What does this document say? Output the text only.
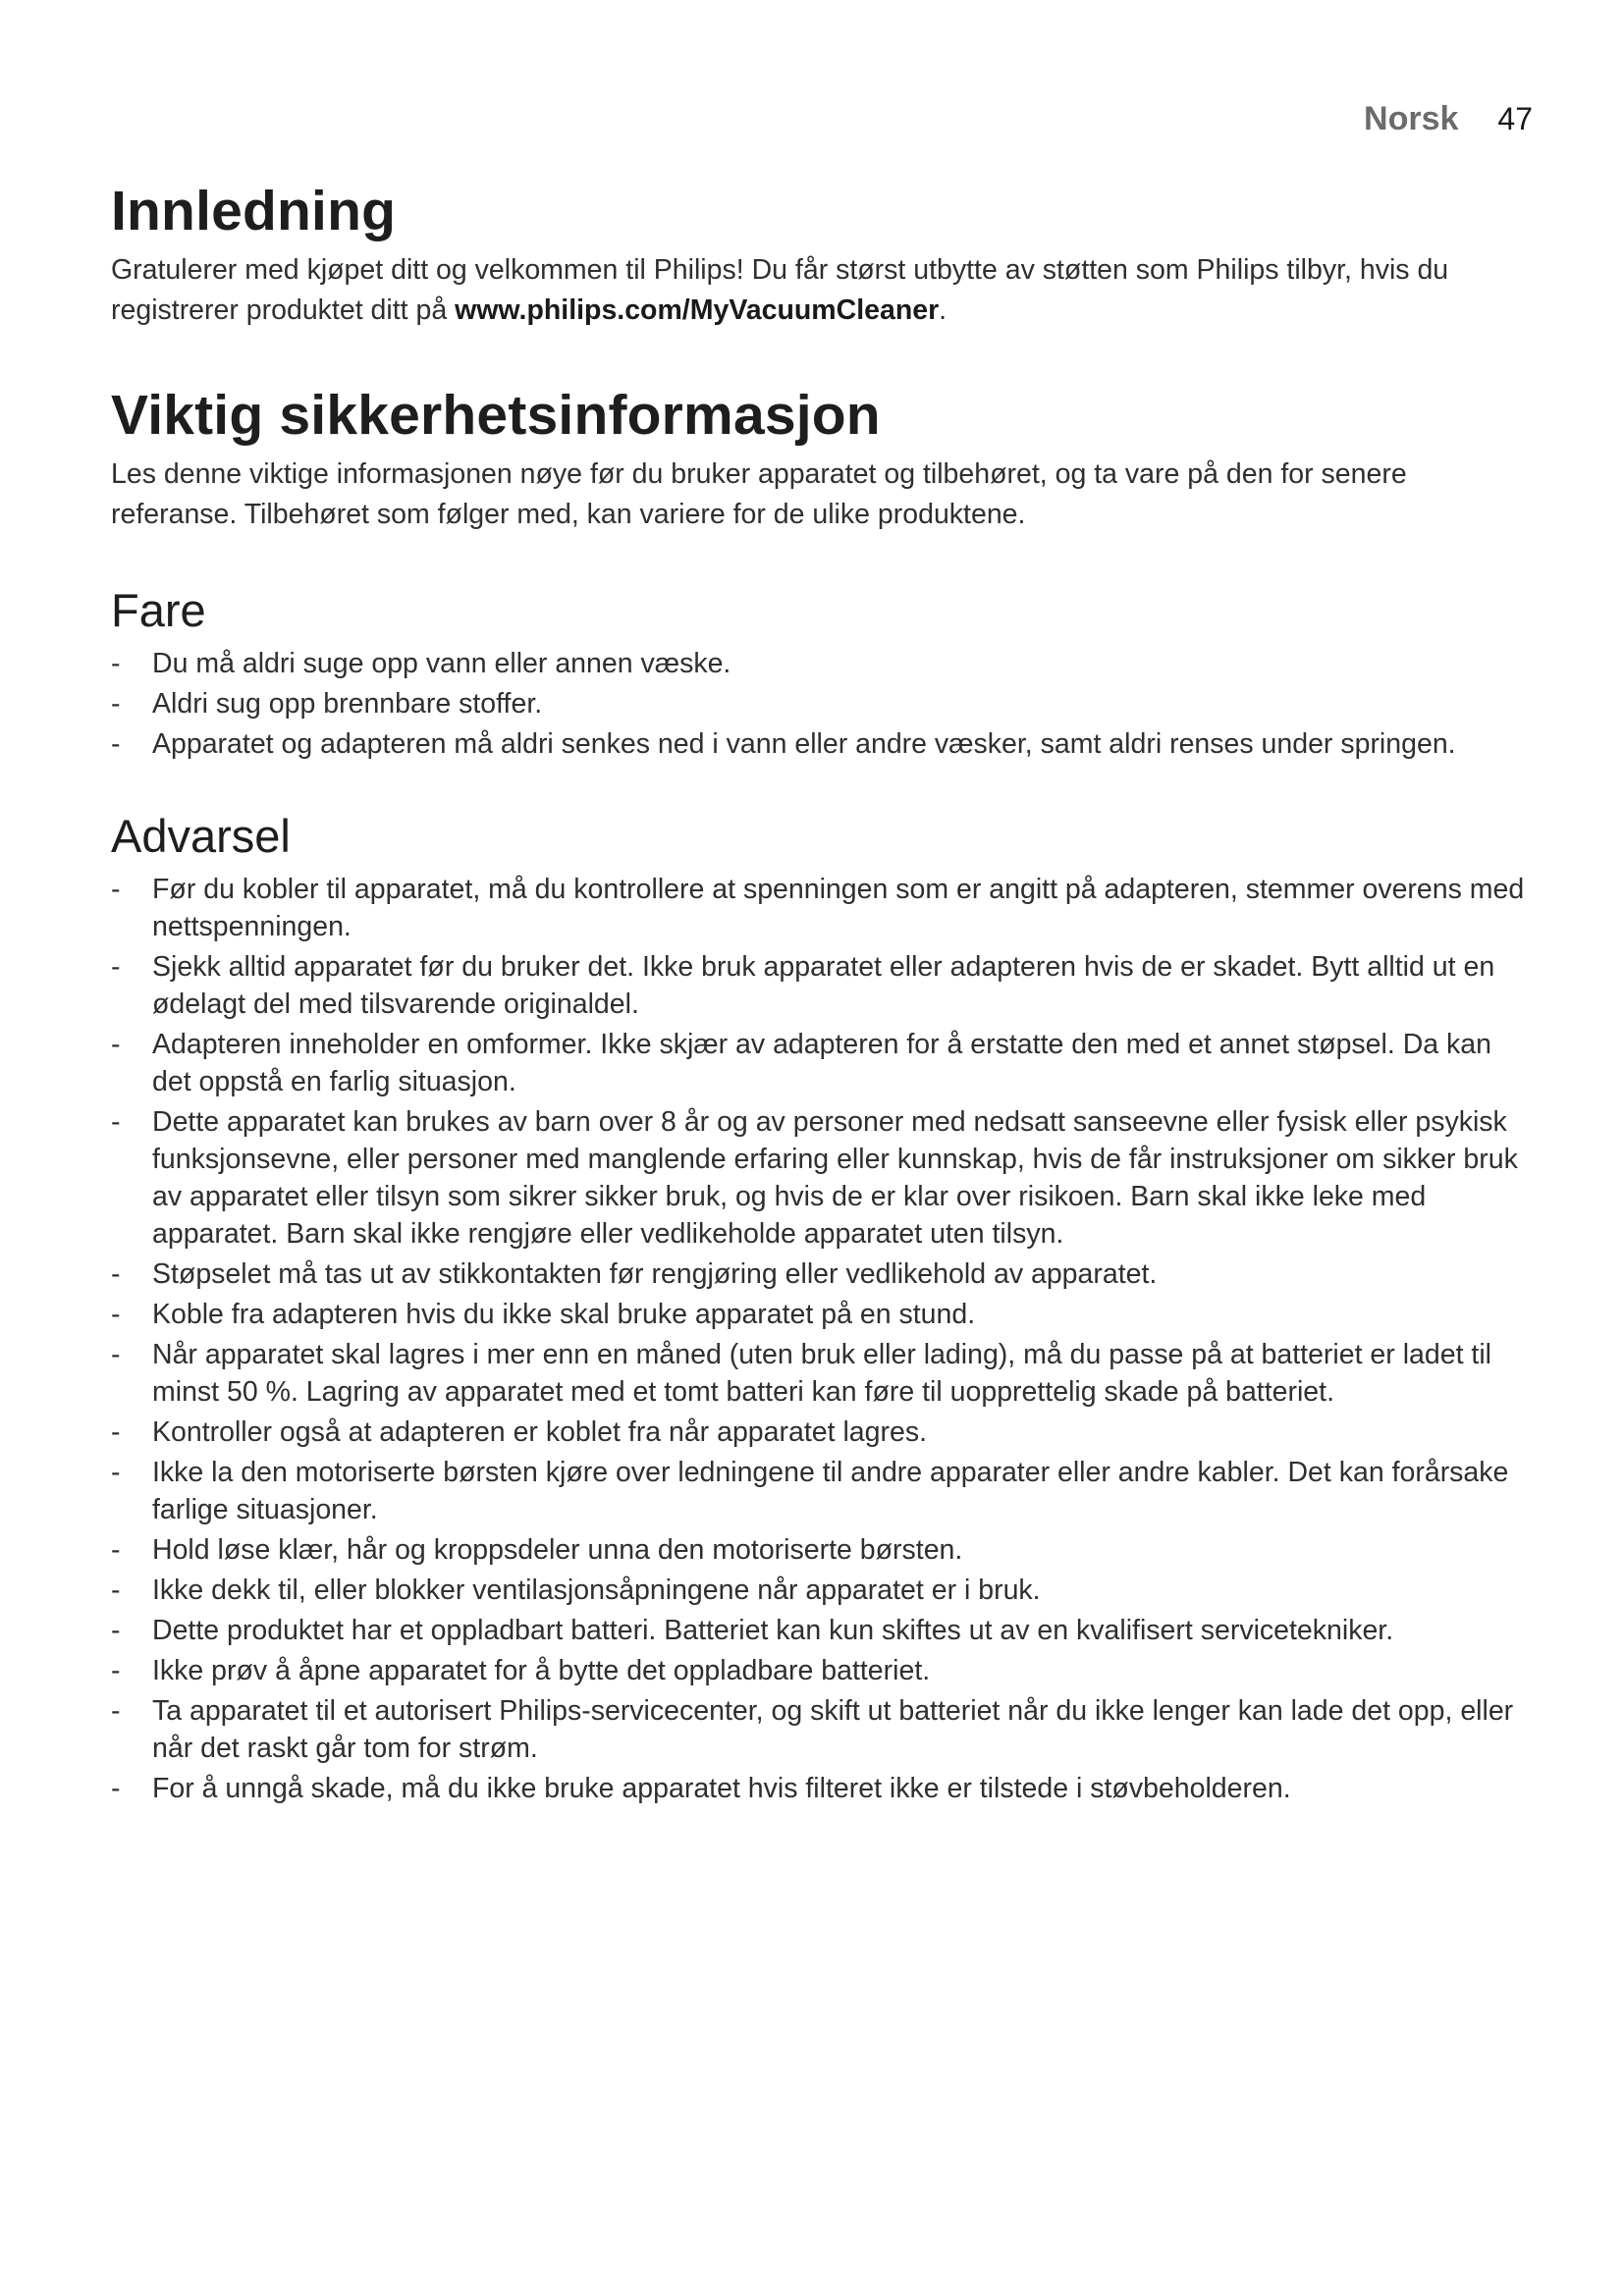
Norsk 47
Innledning

Gratulerer med kjøpet ditt og velkommen til Philips! Du får størst utbytte av støtten som Philips tilbyr, hvis du registrerer produktet ditt på www.philips.com/MyVacuumCleaner.

Viktig sikkerhetsinformasjon

Les denne viktige informasjonen nøye før du bruker apparatet og tilbehøret, og ta vare på den for senere referanse. Tilbehøret som følger med, kan variere for de ulike produktene.

Fare
-	Du må aldri suge opp vann eller annen væske.
-	Aldri sug opp brennbare stoffer.
-	Apparatet og adapteren må aldri senkes ned i vann eller andre væsker, samt aldri renses under springen.
Advarsel
-	Før du kobler til apparatet, må du kontrollere at spenningen som er angitt på adapteren, stemmer overens med nettspenningen.
-	Sjekk alltid apparatet før du bruker det. Ikke bruk apparatet eller adapteren hvis de er skadet. Bytt alltid ut en ødelagt del med tilsvarende originaldel.
-	Adapteren inneholder en omformer. Ikke skjær av adapteren for å erstatte den med et annet støpsel. Da kan det oppstå en farlig situasjon.
-	Dette apparatet kan brukes av barn over 8 år og av personer med nedsatt sanseevne eller fysisk eller psykisk funksjonsevne, eller personer med manglende erfaring eller kunnskap, hvis de får instruksjoner om sikker bruk av apparatet eller tilsyn som sikrer sikker bruk, og hvis de er klar over risikoen. Barn skal ikke leke med apparatet. Barn skal ikke rengjøre eller vedlikeholde apparatet uten tilsyn.
-	Støpselet må tas ut av stikkontakten før rengjøring eller vedlikehold av apparatet.
-	Koble fra adapteren hvis du ikke skal bruke apparatet på en stund.
-	Når apparatet skal lagres i mer enn en måned (uten bruk eller lading), må du passe på at batteriet er ladet til minst 50 %. Lagring av apparatet med et tomt batteri kan føre til uopprettelig skade på batteriet.
-	Kontroller også at adapteren er koblet fra når apparatet lagres.
-	Ikke la den motoriserte børsten kjøre over ledningene til andre apparater eller andre kabler. Det kan forårsake farlige situasjoner.
-	Hold løse klær, hår og kroppsdeler unna den motoriserte børsten.
-	Ikke dekk til, eller blokker ventilasjonsåpningene når apparatet er i bruk.
-	Dette produktet har et oppladbart batteri. Batteriet kan kun skiftes ut av en kvalifisert servicetekniker.
-	Ikke prøv å åpne apparatet for å bytte det oppladbare batteriet.
-	Ta apparatet til et autorisert Philips-servicecenter, og skift ut batteriet når du ikke lenger kan lade det opp, eller når det raskt går tom for strøm.
-	For å unngå skade, må du ikke bruke apparatet hvis filteret ikke er tilstede i støvbeholderen.
